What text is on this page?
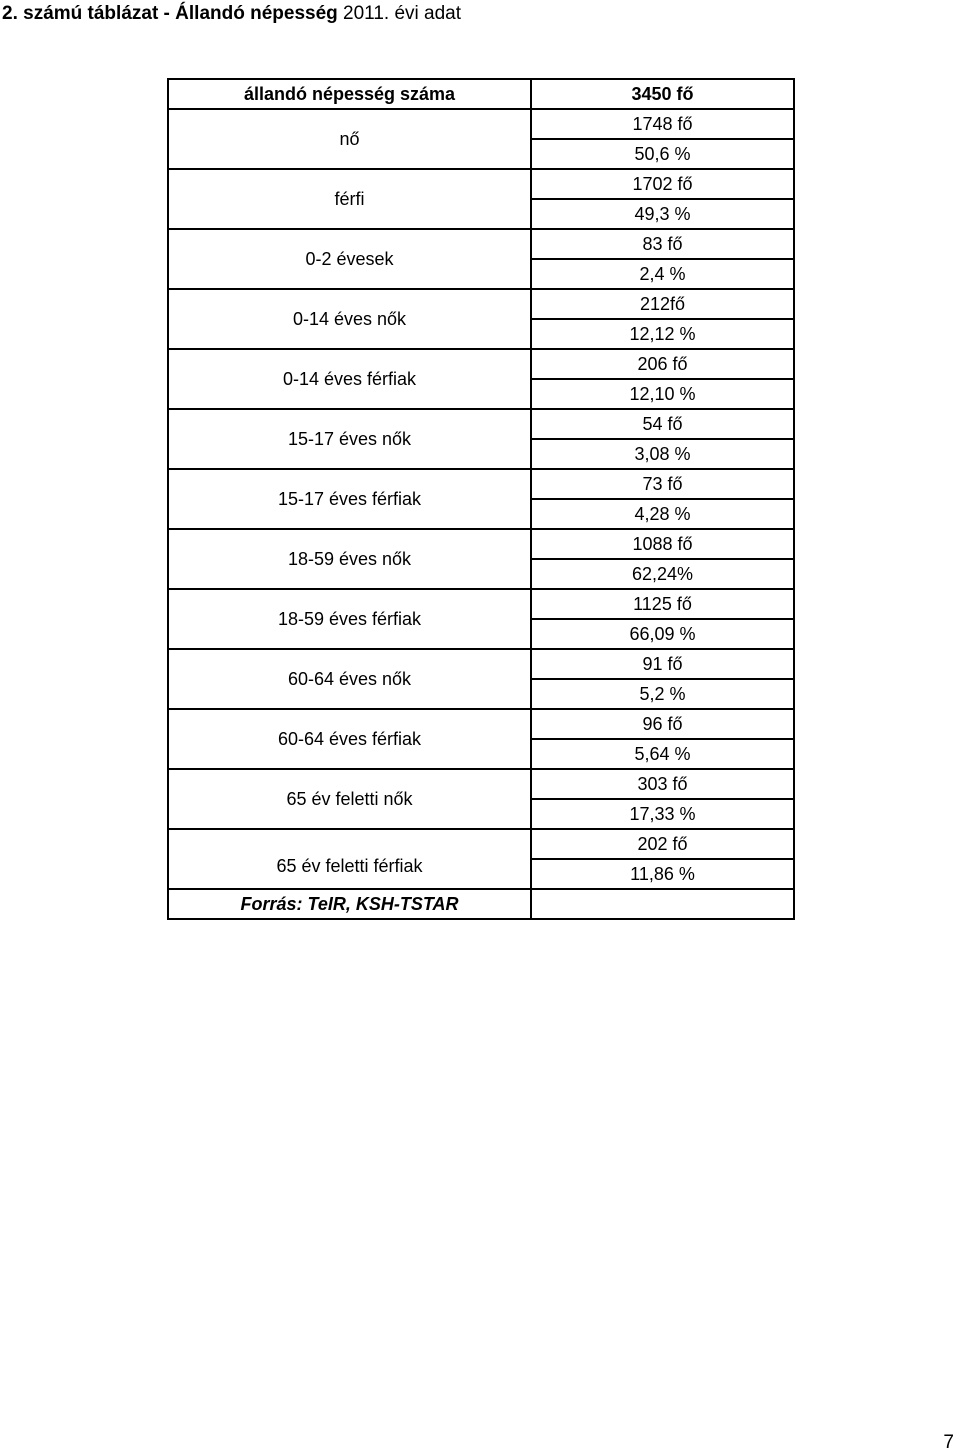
2. számú táblázat - Állandó népesség 2011. évi adat
állandó népesség száma	3450 fő
nő	1748 fő
	50,6 %
férfi	1702 fő
	49,3 %
0-2 évesek	83 fő
	2,4 %
0-14 éves nők	212fő
	12,12 %
0-14 éves férfiak	206 fő
	12,10 %
15-17 éves nők	54 fő
	3,08 %
15-17 éves férfiak	73 fő
	4,28 %
18-59 éves nők	1088 fő
	62,24%
18-59 éves férfiak	1125 fő
	66,09 %
60-64 éves nők	91 fő
	5,2 %
60-64 éves férfiak	96 fő
	5,64 %
65 év feletti nők	303 fő
	17,33 %

65 év feletti férfiak	202 fő
	11,86 %
Forrás: TeIR, KSH-TSTAR	
7
